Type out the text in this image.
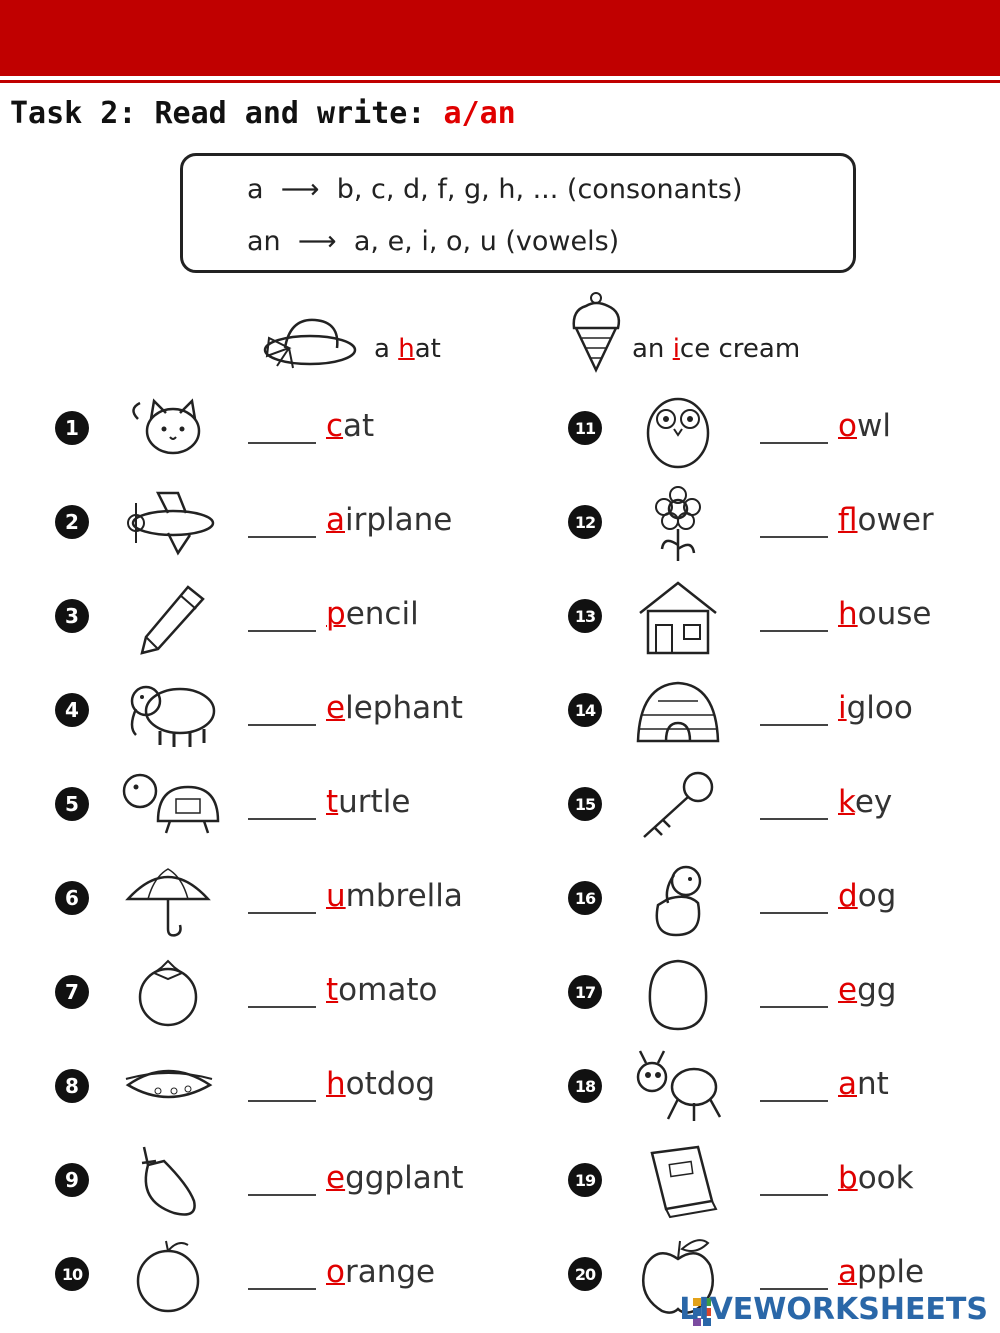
Task 2: Read and write: a/an
a ⟶ b, c, d, f, g, h, ... (consonants)
an ⟶ a, e, i, o, u (vowels)
a hat	an ice cream
1	cat
2	airplane
3	pencil
4	elephant
5	turtle
6	umbrella
7	tomato
8	hotdog
9	eggplant
10	orange
11	owl
12	flower
13	house
14	igloo
15	key
16	dog
17	egg
18	ant
19	book
20	apple
LIVEWORKSHEETS
